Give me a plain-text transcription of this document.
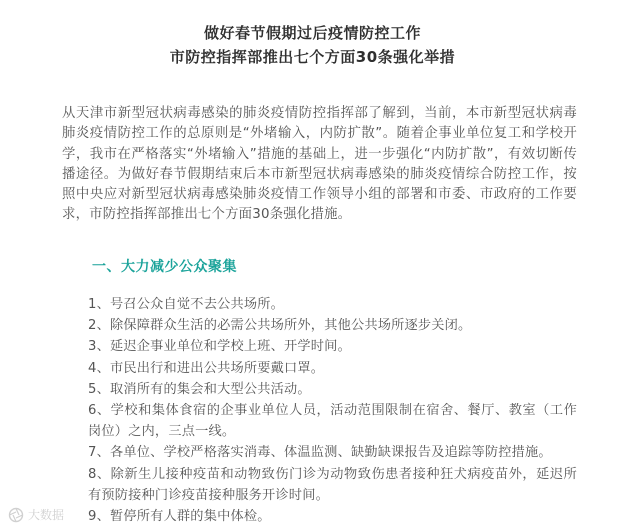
做好春节假期过后疫情防控工作
市防控指挥部推出七个方面30条强化举措
从天津市新型冠状病毒感染的肺炎疫情防控指挥部了解到，当前，本市新型冠状病毒肺炎疫情防控工作的总原则是“外堵输入，内防扩散”。随着企事业单位复工和学校开学，我市在严格落实“外堵输入”措施的基础上，进一步强化“内防扩散”，有效切断传播途径。为做好春节假期结束后本市新型冠状病毒感染的肺炎疫情综合防控工作，按照中央应对新型冠状病毒感染肺炎疫情工作领导小组的部署和市委、市政府的工作要求，市防控指挥部推出七个方面30条强化措施。
一、大力减少公众聚集
1、号召公众自觉不去公共场所。
2、除保障群众生活的必需公共场所外，其他公共场所逐步关闭。
3、延迟企事业单位和学校上班、开学时间。
4、市民出行和进出公共场所要戴口罩。
5、取消所有的集会和大型公共活动。
6、学校和集体食宿的企事业单位人员，活动范围限制在宿舍、餐厅、教室（工作岗位）之内，三点一线。
7、各单位、学校严格落实消毒、体温监测、缺勤缺课报告及追踪等防控措施。
8、除新生儿接种疫苗和动物致伤门诊为动物致伤患者接种狂犬病疫苗外，延迟所有预防接种门诊疫苗接种服务开诊时间。
9、暂停所有人群的集中体检。
大数据
